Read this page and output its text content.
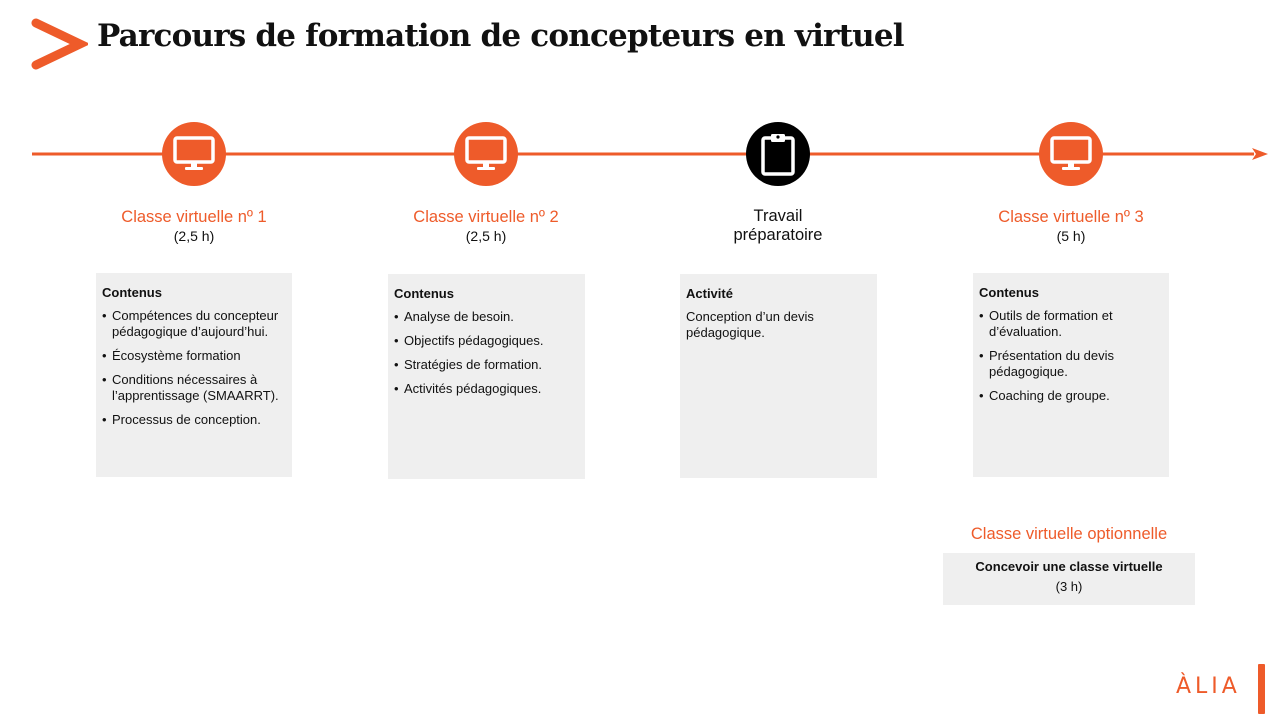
Parcours de formation de concepteurs en virtuel
Classe virtuelle nº 1
(2,5 h)
Contenus
• Compétences du concepteur pédagogique d’aujourd’hui.
• Écosystème formation
• Conditions nécessaires à l’apprentissage (SMAARRT).
• Processus de conception.
Classe virtuelle nº 2
(2,5 h)
Contenus
• Analyse de besoin.
• Objectifs pédagogiques.
• Stratégies de formation.
• Activités pédagogiques.
Travail
préparatoire
Activité

Conception d’un devis pédagogique.

Classe virtuelle nº 3
(5 h)
Contenus
• Outils de formation et d’évaluation.
• Présentation du devis pédagogique.
• Coaching de groupe.
Classe virtuelle optionnelle
Concevoir une classe virtuelle
(3 h)
ÀLIA
